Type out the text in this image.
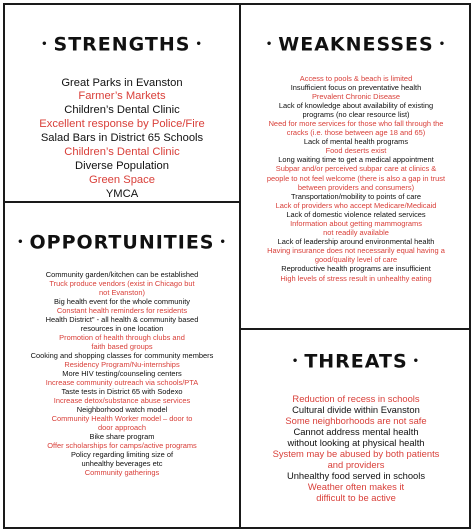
• STRENGTHS •
Great Parks in Evanston
Farmer’s Markets
Children’s Dental Clinic
Excellent response by Police/Fire
Salad Bars in District 65 Schools
Children’s Dental Clinic
Diverse Population
Green Space
YMCA
• WEAKNESSES •
Access to pools & beach is limited
Insufficient focus on preventative health
Prevalent Chronic Disease
Lack of knowledge about availability of existing
programs (no clear resource list)
Need for more services for those who fall through the
cracks (i.e. those between age 18 and 65)
Lack of mental health programs
Food deserts exist
Long waiting time to get a medical appointment
Subpar and/or perceived subpar care at clinics &
people to not feel welcome (there is also a gap in trust
between providers and consumers)
Transportation/mobility to points of care
Lack of providers who accept Medicare/Medicaid
Lack of domestic violence related services
Information about getting mammograms
not readily available
Lack of leadership around environmental health
Having insurance does not necessarily equal having a
good/quality level of care
Reproductive health programs are insufficient
High levels of stress result in unhealthy eating
• OPPORTUNITIES •
Community garden/kitchen can be established
Truck produce vendors (exist in Chicago but
not Evanston)
Big health event for the whole community
Constant health reminders for residents
Health District" - all health & community based
resources in one location
Promotion of health through clubs and
faith based groups
Cooking and shopping classes for community members
Residency Program/Nu-internships
More HIV testing/counseling centers
Increase community outreach via schools/PTA
Taste tests in District 65 with Sodexo
Increase detox/substance abuse services
Neighborhood watch model
Community Health Worker model – door to
door approach
Bike share program
Offer scholarships for camps/active programs
Policy regarding limiting size of
unhealthy beverages etc
Community gatherings
• THREATS •
Reduction of recess in schools
Cultural divide within Evanston
Some neighborhoods are not safe
Cannot address mental health
without looking at physical health
System may be abused by both patients
and providers
Unhealthy food served in schools
Weather often makes it
difficult to be active
